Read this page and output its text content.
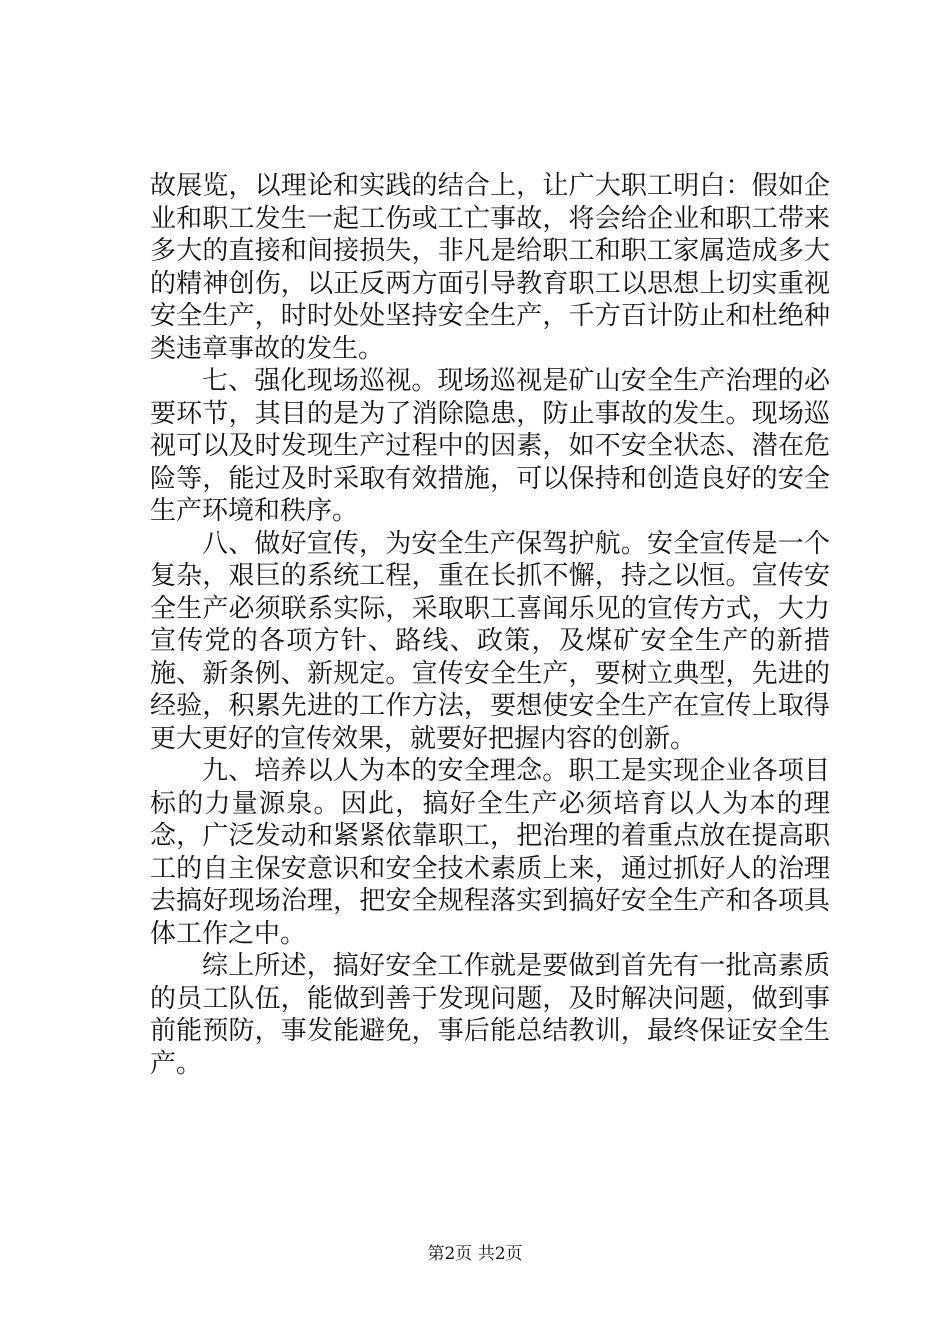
故展览，以理论和实践的结合上，让广大职工明白：假如企业和职工发生一起工伤或工亡事故，将会给企业和职工带来多大的直接和间接损失，非凡是给职工和职工家属造成多大的精神创伤，以正反两方面引导教育职工以思想上切实重视安全生产，时时处处坚持安全生产，千方百计防止和杜绝种类违章事故的发生。

七、强化现场巡视。现场巡视是矿山安全生产治理的必要环节，其目的是为了消除隐患，防止事故的发生。现场巡视可以及时发现生产过程中的因素，如不安全状态、潜在危险等，能过及时采取有效措施，可以保持和创造良好的安全生产环境和秩序。

八、做好宣传，为安全生产保驾护航。安全宣传是一个复杂，艰巨的系统工程，重在长抓不懈，持之以恒。宣传安全生产必须联系实际，采取职工喜闻乐见的宣传方式，大力宣传党的各项方针、路线、政策，及煤矿安全生产的新措施、新条例、新规定。宣传安全生产，要树立典型，先进的经验，积累先进的工作方法，要想使安全生产在宣传上取得更大更好的宣传效果，就要好把握内容的创新。

九、培养以人为本的安全理念。职工是实现企业各项目标的力量源泉。因此，搞好全生产必须培育以人为本的理念，广泛发动和紧紧依靠职工，把治理的着重点放在提高职工的自主保安意识和安全技术素质上来，通过抓好人的治理去搞好现场治理，把安全规程落实到搞好安全生产和各项具体工作之中。

综上所述，搞好安全工作就是要做到首先有一批高素质的员工队伍，能做到善于发现问题，及时解决问题，做到事前能预防，事发能避免，事后能总结教训，最终保证安全生产。

第2页 共2页
